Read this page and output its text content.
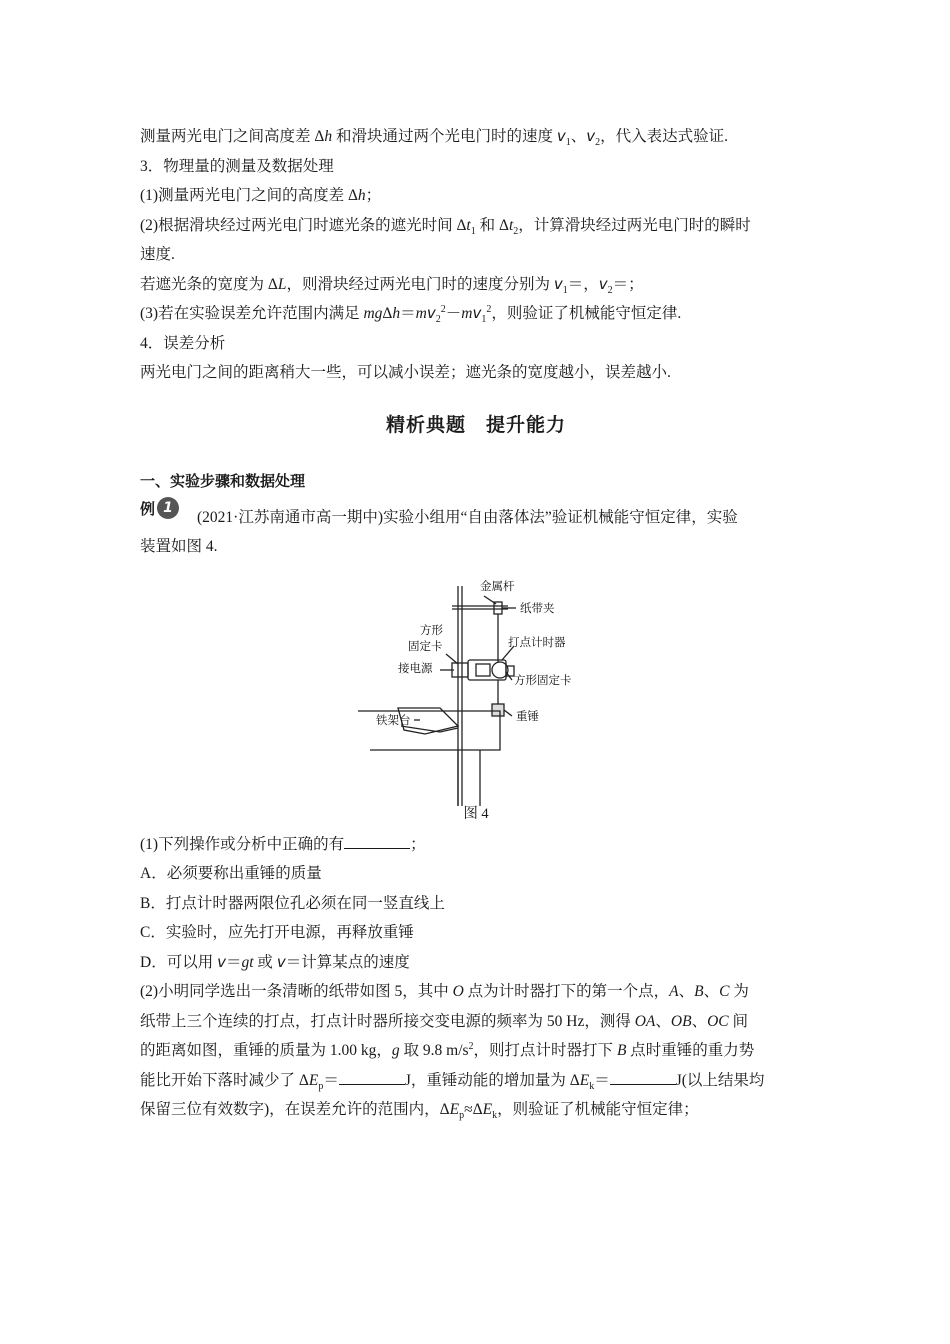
测量两光电门之间高度差 Δh 和滑块通过两个光电门时的速度 $v_1$、$v_2$，代入表达式验证.

3．物理量的测量及数据处理

(1)测量两光电门之间的高度差 Δh；

(2)根据滑块经过两光电门时遮光条的遮光时间 $\Delta t_1$ 和 $\Delta t_2$，计算滑块经过两光电门时的瞬时
速度.

若遮光条的宽度为 ΔL，则滑块经过两光电门时的速度分别为 $v_1=$，$v_2=$；

(3)若在实验误差允许范围内满足 $mg\Delta h=mv_2^2-mv_1^2$，则验证了机械能守恒定律.

4．误差分析

两光电门之间的距离稍大一些，可以减小误差；遮光条的宽度越小，误差越小.

精析典题　提升能力
一、实验步骤和数据处理
例 1

(2021·江苏南通市高一期中)实验小组用“自由落体法”验证机械能守恒定律，实验

装置如图 4.

金属杆
纸带夹
方形
固定卡	打点计时器
接电源
方形固定卡
铁架台	重锤
图 4

(1)下列操作或分析中正确的有	；

A．必须要称出重锤的质量

B．打点计时器两限位孔必须在同一竖直线上

C．实验时，应先打开电源，再释放重锤

D．可以用 v＝gt 或 v＝计算某点的速度

(2)小明同学选出一条清晰的纸带如图 5，其中 O 点为计时器打下的第一个点，A、B、C 为
纸带上三个连续的打点，打点计时器所接交变电源的频率为 50 Hz，测得 OA、OB、OC 间
的距离如图，重锤的质量为 1.00 kg，g 取 9.8 $m/s^2$，则打点计时器打下 B 点时重锤的重力势
能比开始下落时减少了 $\Delta E_p=$	J，重锤动能的增加量为 $\Delta E_k=$	J(以上结果均
保留三位有效数字)，在误差允许的范围内，$\Delta E_p\approx\Delta E_k$，则验证了机械能守恒定律；
